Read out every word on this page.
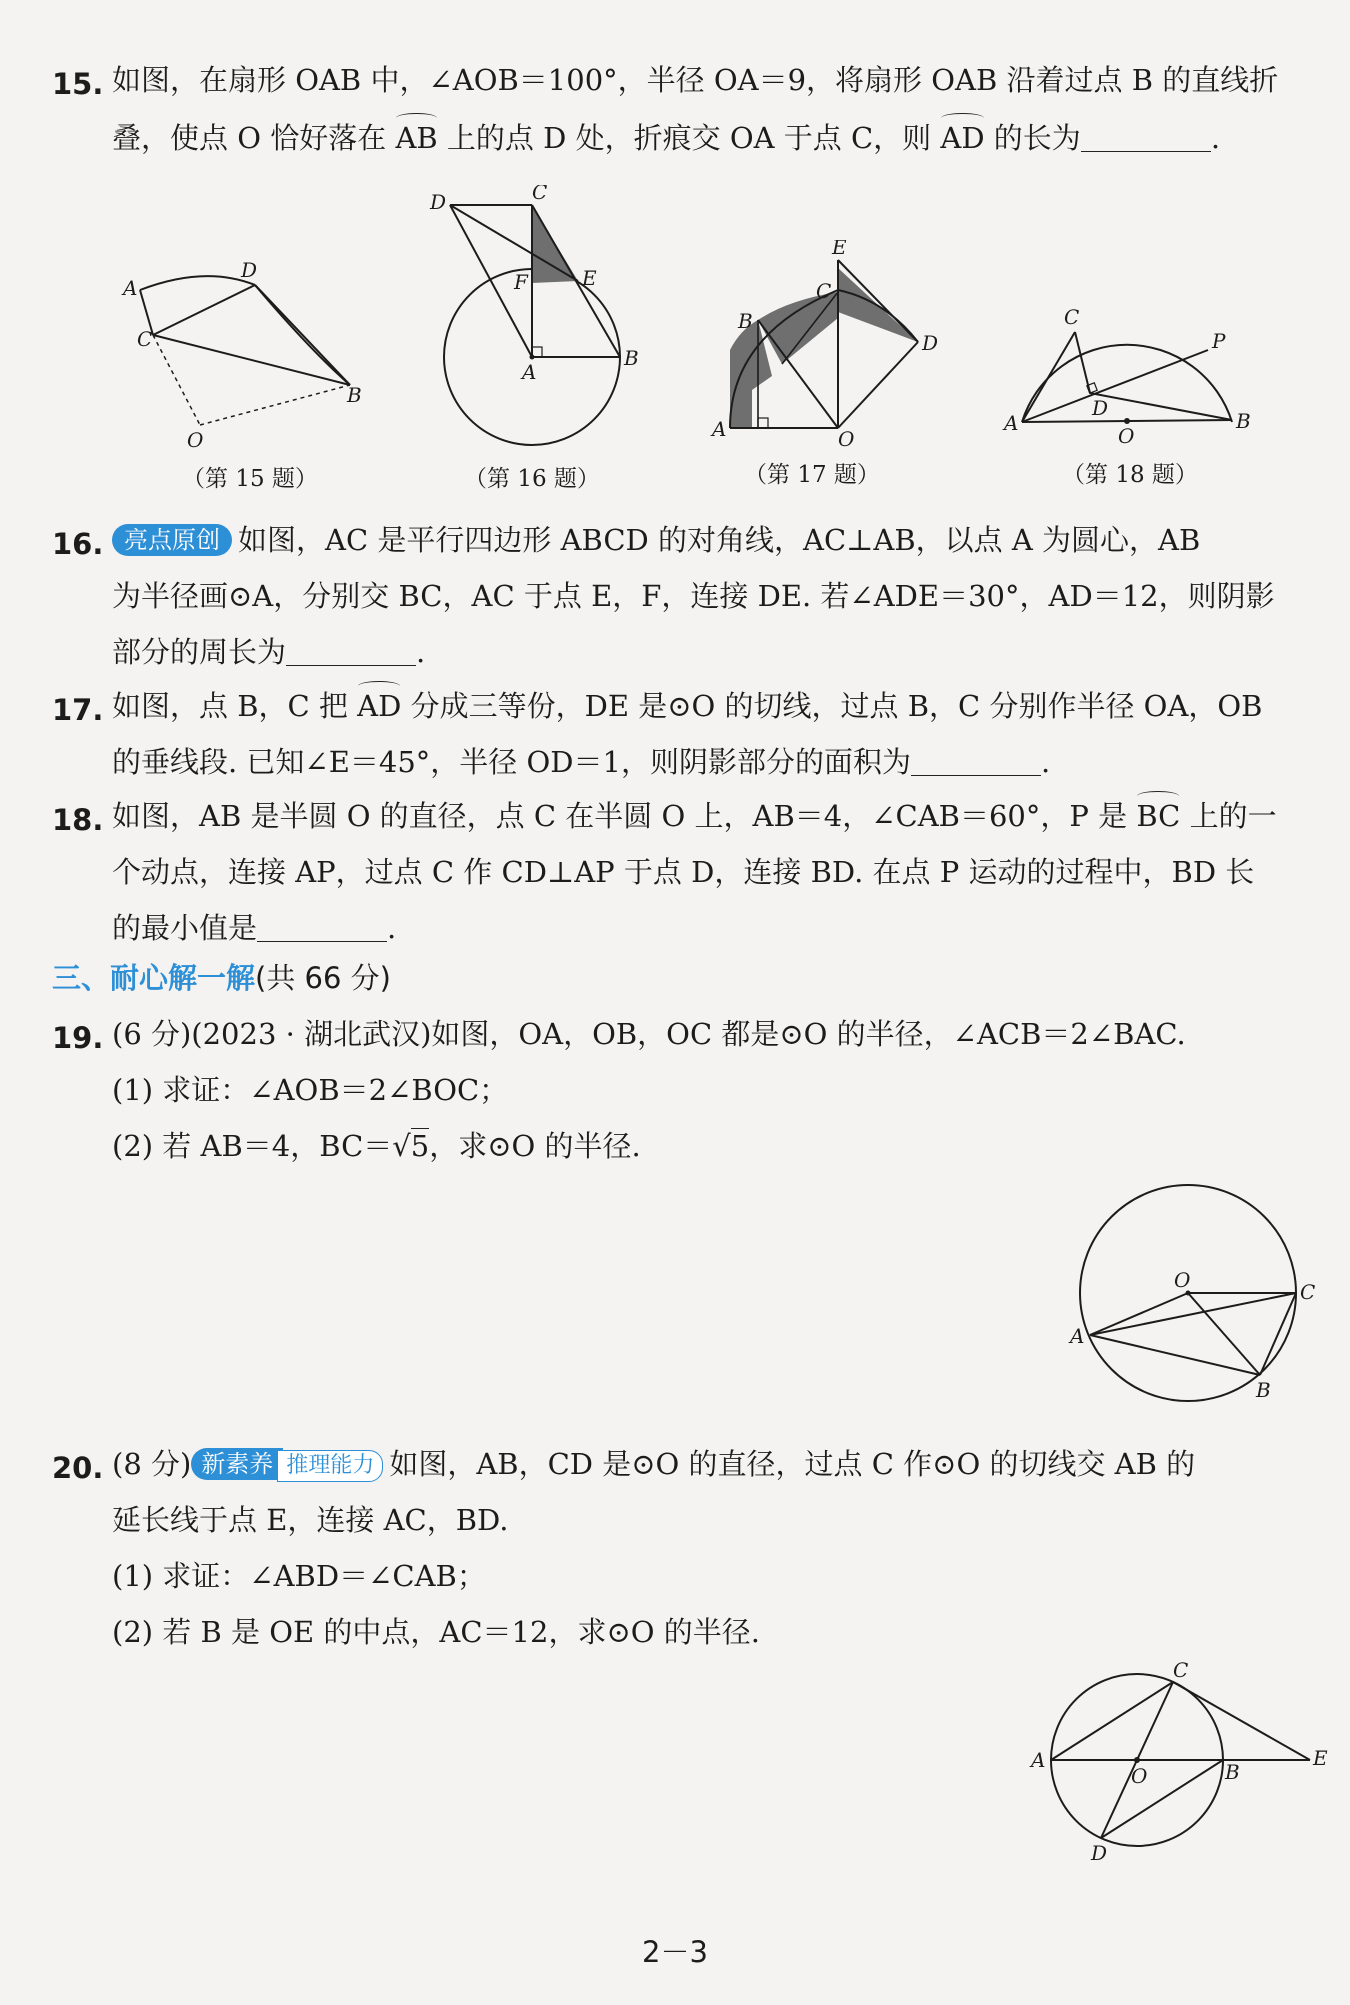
15. 如图，在扇形 OAB 中，∠AOB＝100°，半径 OA＝9，将扇形 OAB 沿着过点 B 的直线折
叠，使点 O 恰好落在 AB 上的点 D 处，折痕交 OA 于点 C，则 AD 的长为	.
A
D
C
B
O
（第 15 题）
D	C
F	E
A
B
（第 16 题）
E
C
B
D
A	O
（第 17 题）
C
P
A
D
B
O
（第 18 题）
16. 亮点原创 如图，AC 是平行四边形 ABCD 的对角线，AC⊥AB，以点 A 为圆心，AB
为半径画⊙A，分别交 BC，AC 于点 E，F，连接 DE. 若∠ADE＝30°，AD＝12，则阴影
部分的周长为	.
17. 如图，点 B，C 把 AD 分成三等份，DE 是⊙O 的切线，过点 B，C 分别作半径 OA，OB
的垂线段. 已知∠E＝45°，半径 OD＝1，则阴影部分的面积为	.
18. 如图，AB 是半圆 O 的直径，点 C 在半圆 O 上，AB＝4，∠CAB＝60°，P 是 BC 上的一
个动点，连接 AP，过点 C 作 CD⊥AP 于点 D，连接 BD. 在点 P 运动的过程中，BD 长
的最小值是	.
三、耐心解一解(共 66 分)
19. (6 分)(2023 · 湖北武汉)如图，OA，OB，OC 都是⊙O 的半径，∠ACB＝2∠BAC.
(1) 求证：∠AOB＝2∠BOC；
(2) 若 AB＝4，BC＝√5，求⊙O 的半径.
O	C
A
B
20. (8 分) 新素养 推理能力 如图，AB，CD 是⊙O 的直径，过点 C 作⊙O 的切线交 AB 的
延长线于点 E，连接 AC，BD.
(1) 求证：∠ABD＝∠CAB；
(2) 若 B 是 OE 的中点，AC＝12，求⊙O 的半径.
C
A
O	B
E
D
2－3
